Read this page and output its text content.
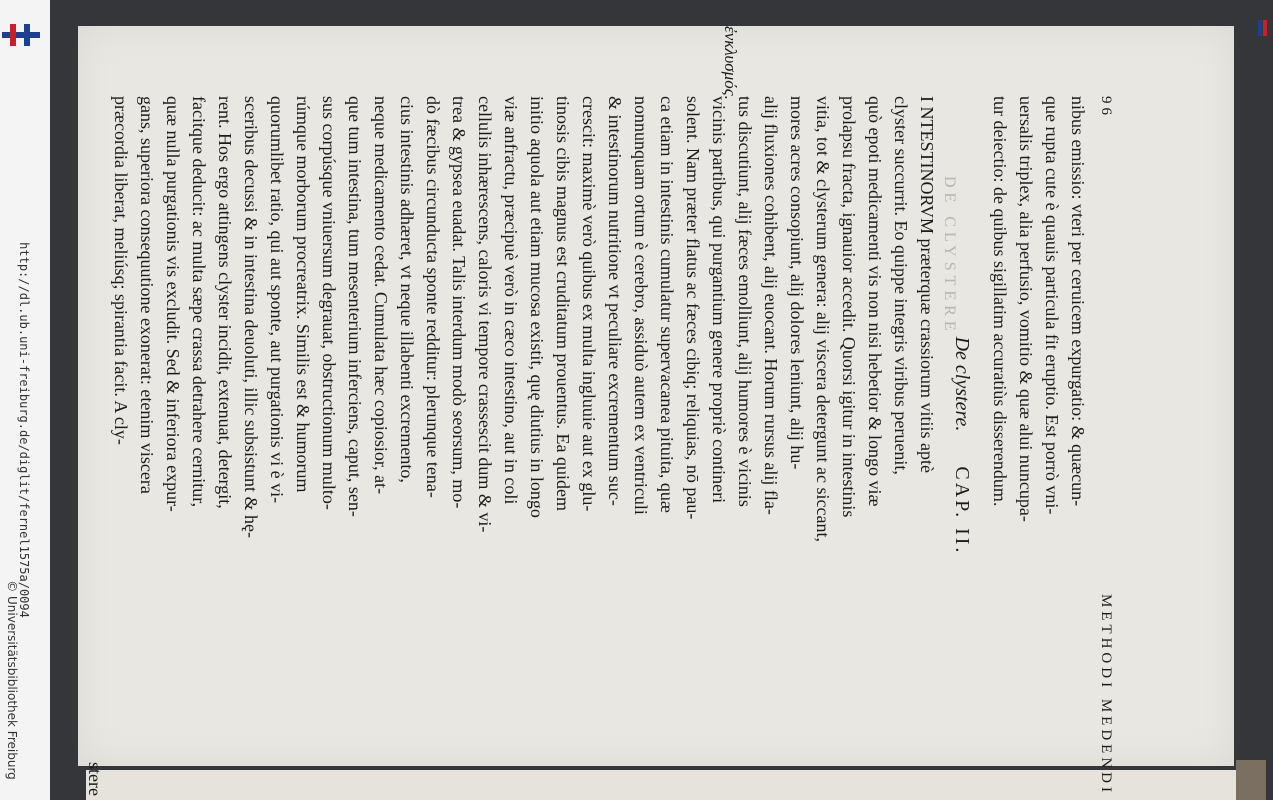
http://dl.ub.uni-freiburg.de/diglit/fernel1575a/0094
© Universitätsbibliothek Freiburg
DE CLYSTERE
96
METHODI MEDENDI

nibus emissio: vteri per ceruicem expurgatio: & quæcun-
que rupta cute è quauis particula fit eruptio. Est porrò vni-
uersalis triplex, alia perfusio, vomitio & quæ alui nuncupa-
tur deiectio: de quibus sigillatim accuratiùs disserendum.

De clystere. CAP. II.
ἐνκλυσμός.

I NTESTINORVM præterquæ crassiorum vitiis aptè
clyster succurrit. Eo quippe integris viribus peruenit,
quò epoti medicamenti vis non nisi hebetior & longo viæ
prolapsu fracta, ignauior accedit. Quorsi igitur in intestinis
vitia, tot & clysterum genera: alij viscera detergunt ac siccant,
mores acres consopiunt, alij dolores leniunt, alij hu-
alij fluxiones cohibent, alij euocant. Horum rursus alij fla-
tus discutiunt, alij fæces emolliunt, alij humores è vicinis
vicinis partibus, qui purgantium genere propriè contineri
solent. Nam præter flatus ac fæces cibiq; reliquias, nō pau-
ca etiam in intestinis cumulatur supervacanea pituita, quæ
nonnunquam ortum è cerebro, assiduò autem ex ventriculi
& intestinorum nutritione vt peculiare excrementum suc-
crescit: maximè verò quibus ex multa ingluuie aut ex glu-
tinosis cibis magnus est cruditatum prouentus. Ea quidem
initio aquola aut etiam mucosa existit, quę diutius in longo
viæ anfractu, præcipuè verò in cæco intestino, aut in coli
cellulis inhærescens, caloris vi tempore crassescit dum & vi-
trea & gypsea euadat. Talis interdum modò seorsum, mo-
dò fæcibus circunducta sponte redditur: plerunque tena-
cius intestinis adhæret, vt neque illabenti excremento,
neque medicamento cedat. Cumulata hæc copiosior, at-
que tum intestina, tum mesenterium inferciens, caput, sen-
sus corpúsque vniuersum degrauat, obstructionum multo-
rúmque morborum procreatrix. Similis est & humorum
quorumlibet ratio, qui aut sponte, aut purgationis vi è vi-
sceribus decussi & in intestina deuoluti, illic subsistunt & hę-
rent. Hos ergo attingens clyster incidit, extenuat, detergit,
facitque deducit: ac multa sæpe crassa detrahere cernitur,
quæ nulla purgationis vis excludit. Sed & inferiora expur-
gans, superiora consequutione exonerat: etenim viscera
præcordia liberat, meliúsq; spirantia facit. A cly-
stere
